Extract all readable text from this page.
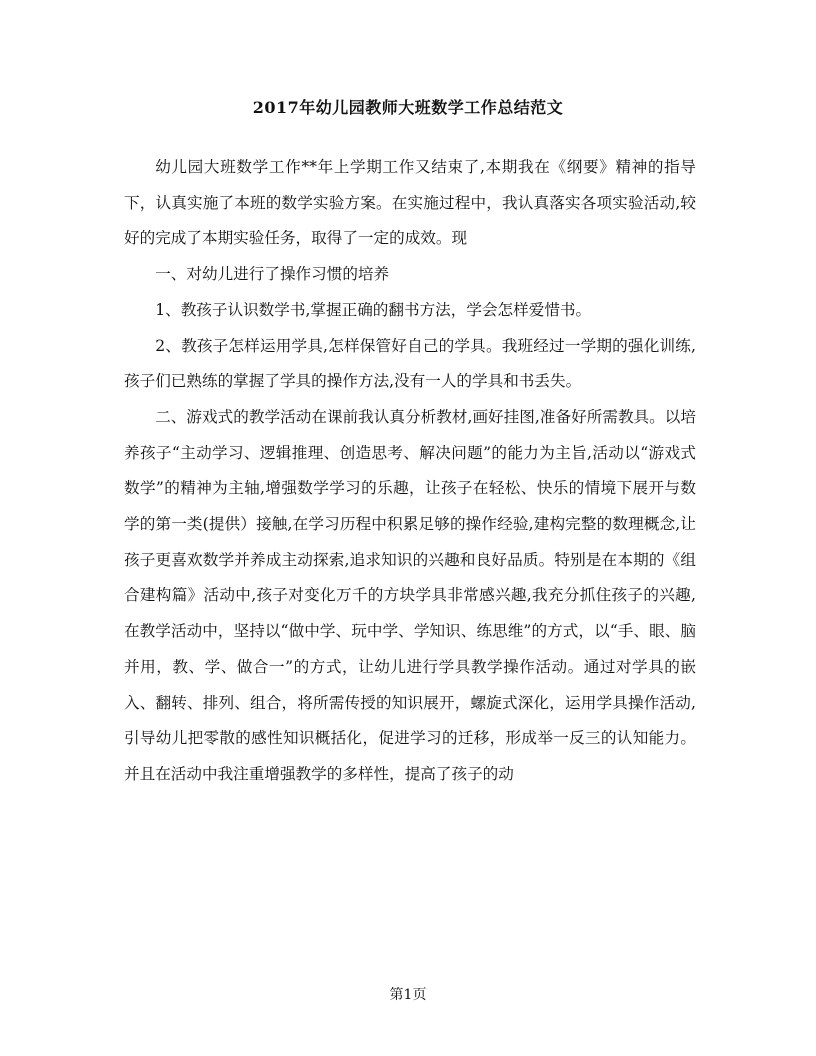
2017年幼儿园教师大班数学工作总结范文

幼儿园大班数学工作**年上学期工作又结束了,本期我在《纲要》精神的指导下，认真实施了本班的数学实验方案。在实施过程中，我认真落实各项实验活动,较好的完成了本期实验任务，取得了一定的成效。现

一、对幼儿进行了操作习惯的培养

1、教孩子认识数学书,掌握正确的翻书方法，学会怎样爱惜书。

2、教孩子怎样运用学具,怎样保管好自己的学具。我班经过一学期的强化训练,孩子们已熟练的掌握了学具的操作方法,没有一人的学具和书丢失。

二、游戏式的教学活动在课前我认真分析教材,画好挂图,准备好所需教具。以培养孩子“主动学习、逻辑推理、创造思考、解决问题”的能力为主旨,活动以“游戏式数学”的精神为主轴,增强数学学习的乐趣，让孩子在轻松、快乐的情境下展开与数学的第一类(提供）接触,在学习历程中积累足够的操作经验,建构完整的数理概念,让孩子更喜欢数学并养成主动探索,追求知识的兴趣和良好品质。特别是在本期的《组合建构篇》活动中,孩子对变化万千的方块学具非常感兴趣,我充分抓住孩子的兴趣,在教学活动中，坚持以“做中学、玩中学、学知识、练思维”的方式，以“手、眼、脑并用，教、学、做合一”的方式，让幼儿进行学具教学操作活动。通过对学具的嵌入、翻转、排列、组合，将所需传授的知识展开，螺旋式深化，运用学具操作活动,引导幼儿把零散的感性知识概括化，促进学习的迁移，形成举一反三的认知能力。并且在活动中我注重增强教学的多样性，提高了孩子的动

第1页
